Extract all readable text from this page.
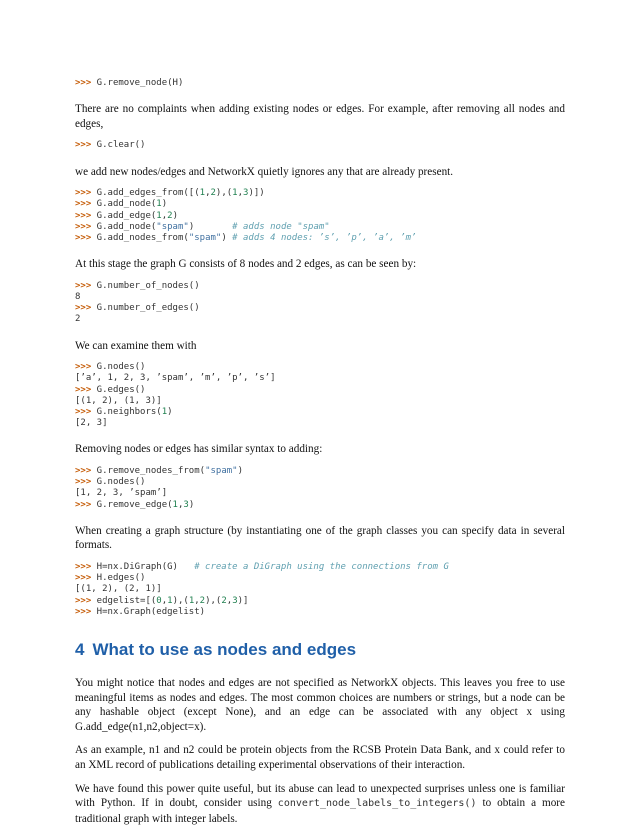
>>> G.remove_node(H)

There are no complaints when adding existing nodes or edges. For example, after removing all nodes and edges,

>>> G.clear()

we add new nodes/edges and NetworkX quietly ignores any that are already present.

>>> G.add_edges_from([(1,2),(1,3)])
>>> G.add_node(1)
>>> G.add_edge(1,2)
>>> G.add_node("spam")       # adds node "spam"
>>> G.add_nodes_from("spam") # adds 4 nodes: ’s’, ’p’, ’a’, ’m’

At this stage the graph G consists of 8 nodes and 2 edges, as can be seen by:

>>> G.number_of_nodes()
8
>>> G.number_of_edges()
2

We can examine them with

>>> G.nodes()
[’a’, 1, 2, 3, ’spam’, ’m’, ’p’, ’s’]
>>> G.edges()
[(1, 2), (1, 3)]
>>> G.neighbors(1)
[2, 3]

Removing nodes or edges has similar syntax to adding:

>>> G.remove_nodes_from("spam")
>>> G.nodes()
[1, 2, 3, ’spam’]
>>> G.remove_edge(1,3)

When creating a graph structure (by instantiating one of the graph classes you can specify data in several formats.

>>> H=nx.DiGraph(G)   # create a DiGraph using the connections from G
>>> H.edges()
[(1, 2), (2, 1)]
>>> edgelist=[(0,1),(1,2),(2,3)]
>>> H=nx.Graph(edgelist)
4 What to use as nodes and edges

You might notice that nodes and edges are not specified as NetworkX objects. This leaves you free to use meaningful items as nodes and edges. The most common choices are numbers or strings, but a node can be any hashable object (except None), and an edge can be associated with any object x using G.add_edge(n1,n2,object=x).

As an example, n1 and n2 could be protein objects from the RCSB Protein Data Bank, and x could refer to an XML record of publications detailing experimental observations of their interaction.

We have found this power quite useful, but its abuse can lead to unexpected surprises unless one is familiar with Python. If in doubt, consider using convert_node_labels_to_integers() to obtain a more traditional graph with integer labels.
